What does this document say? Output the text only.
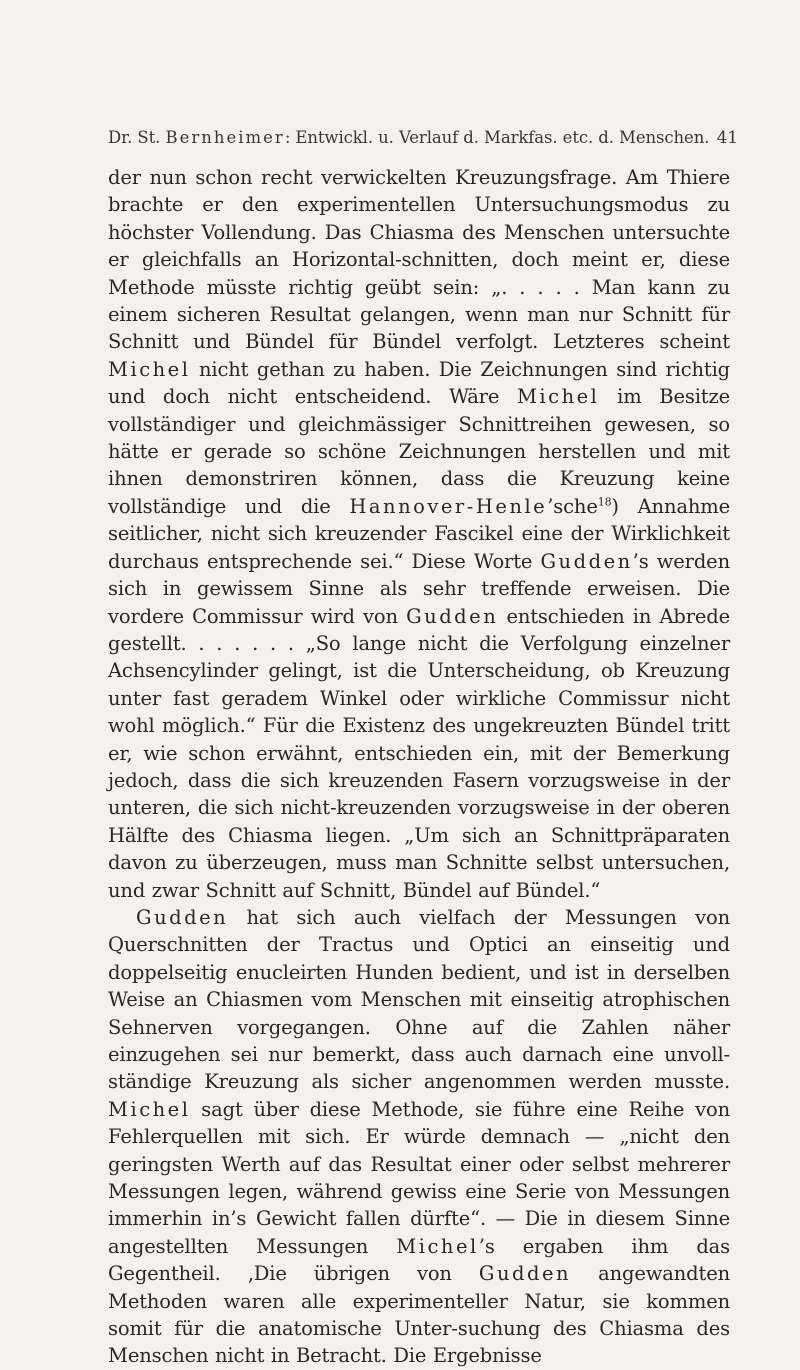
Dr. St. Bernheimer: Entwickl. u. Verlauf d. Markfas. etc. d. Menschen. 41

der nun schon recht verwickelten Kreuzungsfrage. Am Thiere brachte er den experimentellen Untersuchungsmodus zu höchster Vollendung. Das Chiasma des Menschen untersuchte er gleichfalls an Horizontal-schnitten, doch meint er, diese Methode müsste richtig geübt sein: „. . . . . Man kann zu einem sicheren Resultat gelangen, wenn man nur Schnitt für Schnitt und Bündel für Bündel verfolgt. Letzteres scheint Michel nicht gethan zu haben. Die Zeichnungen sind richtig und doch nicht entscheidend. Wäre Michel im Besitze vollständiger und gleichmässiger Schnittreihen gewesen, so hätte er gerade so schöne Zeichnungen herstellen und mit ihnen demonstriren können, dass die Kreuzung keine vollständige und die Hannover-Henle’sche$^{18}$) Annahme seitlicher, nicht sich kreuzender Fascikel eine der Wirklichkeit durchaus entsprechende sei.“ Diese Worte Gudden’s werden sich in gewissem Sinne als sehr treffende erweisen. Die vordere Commissur wird von Gudden entschieden in Abrede gestellt. . . . . . . „So lange nicht die Verfolgung einzelner Achsencylinder gelingt, ist die Unterscheidung, ob Kreuzung unter fast geradem Winkel oder wirkliche Commissur nicht wohl möglich.“ Für die Existenz des ungekreuzten Bündel tritt er, wie schon erwähnt, entschieden ein, mit der Bemerkung jedoch, dass die sich kreuzenden Fasern vorzugsweise in der unteren, die sich nicht-kreuzenden vorzugsweise in der oberen Hälfte des Chiasma liegen. „Um sich an Schnittpräparaten davon zu überzeugen, muss man Schnitte selbst untersuchen, und zwar Schnitt auf Schnitt, Bündel auf Bündel.“

Gudden hat sich auch vielfach der Messungen von Querschnitten der Tractus und Optici an einseitig und doppelseitig enucleirten Hunden bedient, und ist in derselben Weise an Chiasmen vom Menschen mit einseitig atrophischen Sehnerven vorgegangen. Ohne auf die Zahlen näher einzugehen sei nur bemerkt, dass auch darnach eine unvoll-ständige Kreuzung als sicher angenommen werden musste. Michel sagt über diese Methode, sie führe eine Reihe von Fehlerquellen mit sich. Er würde demnach — „nicht den geringsten Werth auf das Resultat einer oder selbst mehrerer Messungen legen, während gewiss eine Serie von Messungen immerhin in’s Gewicht fallen dürfte“. — Die in diesem Sinne angestellten Messungen Michel’s ergaben ihm das Gegentheil. ‚Die übrigen von Gudden angewandten Methoden waren alle experimenteller Natur, sie kommen somit für die anatomische Unter-suchung des Chiasma des Menschen nicht in Betracht. Die Ergebnisse
